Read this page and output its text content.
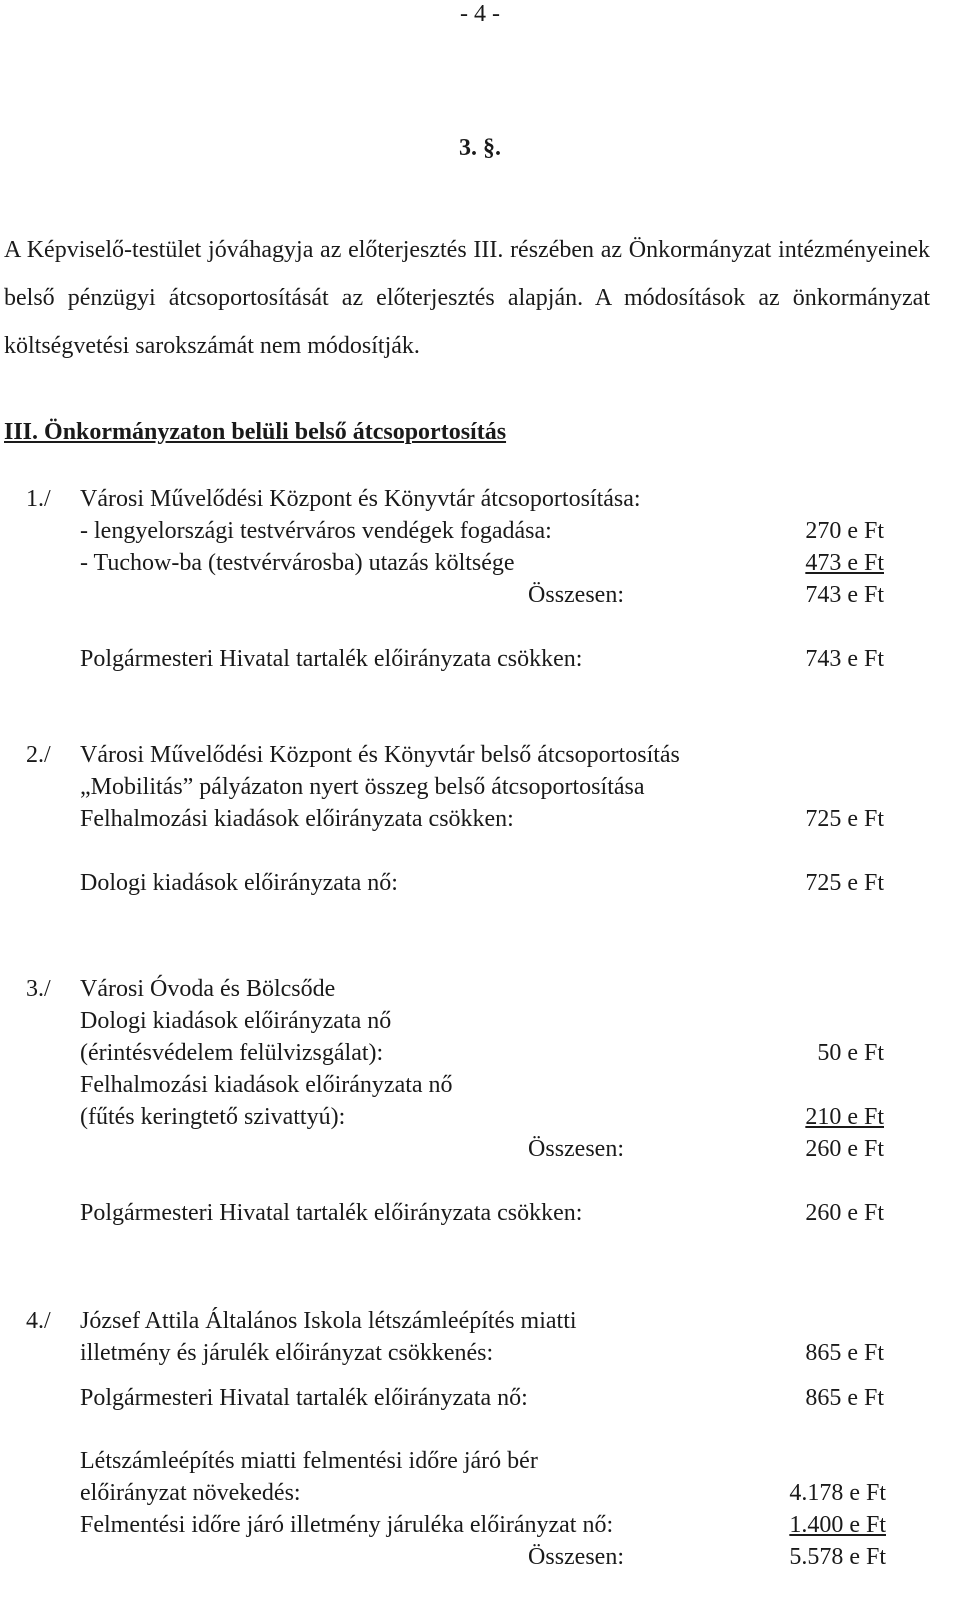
- 4 -
3. §.

A Képviselő-testület jóváhagyja az előterjesztés III. részében az Önkormányzat intézményeinek belső pénzügyi átcsoportosítását az előterjesztés alapján. A módosítások az önkormányzat költségvetési sarokszámát nem módosítják.

III. Önkormányzaton belüli belső átcsoportosítás
1./ Városi Művelődési Központ és Könyvtár átcsoportosítása:
- lengyelországi testvérváros vendégek fogadása:	270 e Ft
- Tuchow-ba (testvérvárosba) utazás költsége	473 e Ft
Összesen:	743 e Ft
Polgármesteri Hivatal tartalék előirányzata csökken:	743 e Ft
2./ Városi Művelődési Központ és Könyvtár belső átcsoportosítás
„Mobilitás” pályázaton nyert összeg belső átcsoportosítása
Felhalmozási kiadások előirányzata csökken:	725 e Ft
Dologi kiadások előirányzata nő:	725 e Ft
3./ Városi Óvoda és Bölcsőde
Dologi kiadások előirányzata nő
(érintésvédelem felülvizsgálat):	50 e Ft
Felhalmozási kiadások előirányzata nő
(fűtés keringtető szivattyú):	210 e Ft
Összesen:	260 e Ft
Polgármesteri Hivatal tartalék előirányzata csökken:	260 e Ft
4./ József Attila Általános Iskola létszámleépítés miatti
illetmény és járulék előirányzat csökkenés:	865 e Ft
Polgármesteri Hivatal tartalék előirányzata nő:	865 e Ft
Létszámleépítés miatti felmentési időre járó bér
előirányzat növekedés:	4.178 e Ft
Felmentési időre járó illetmény járuléka előirányzat nő:	1.400 e Ft
Összesen:	5.578 e Ft
